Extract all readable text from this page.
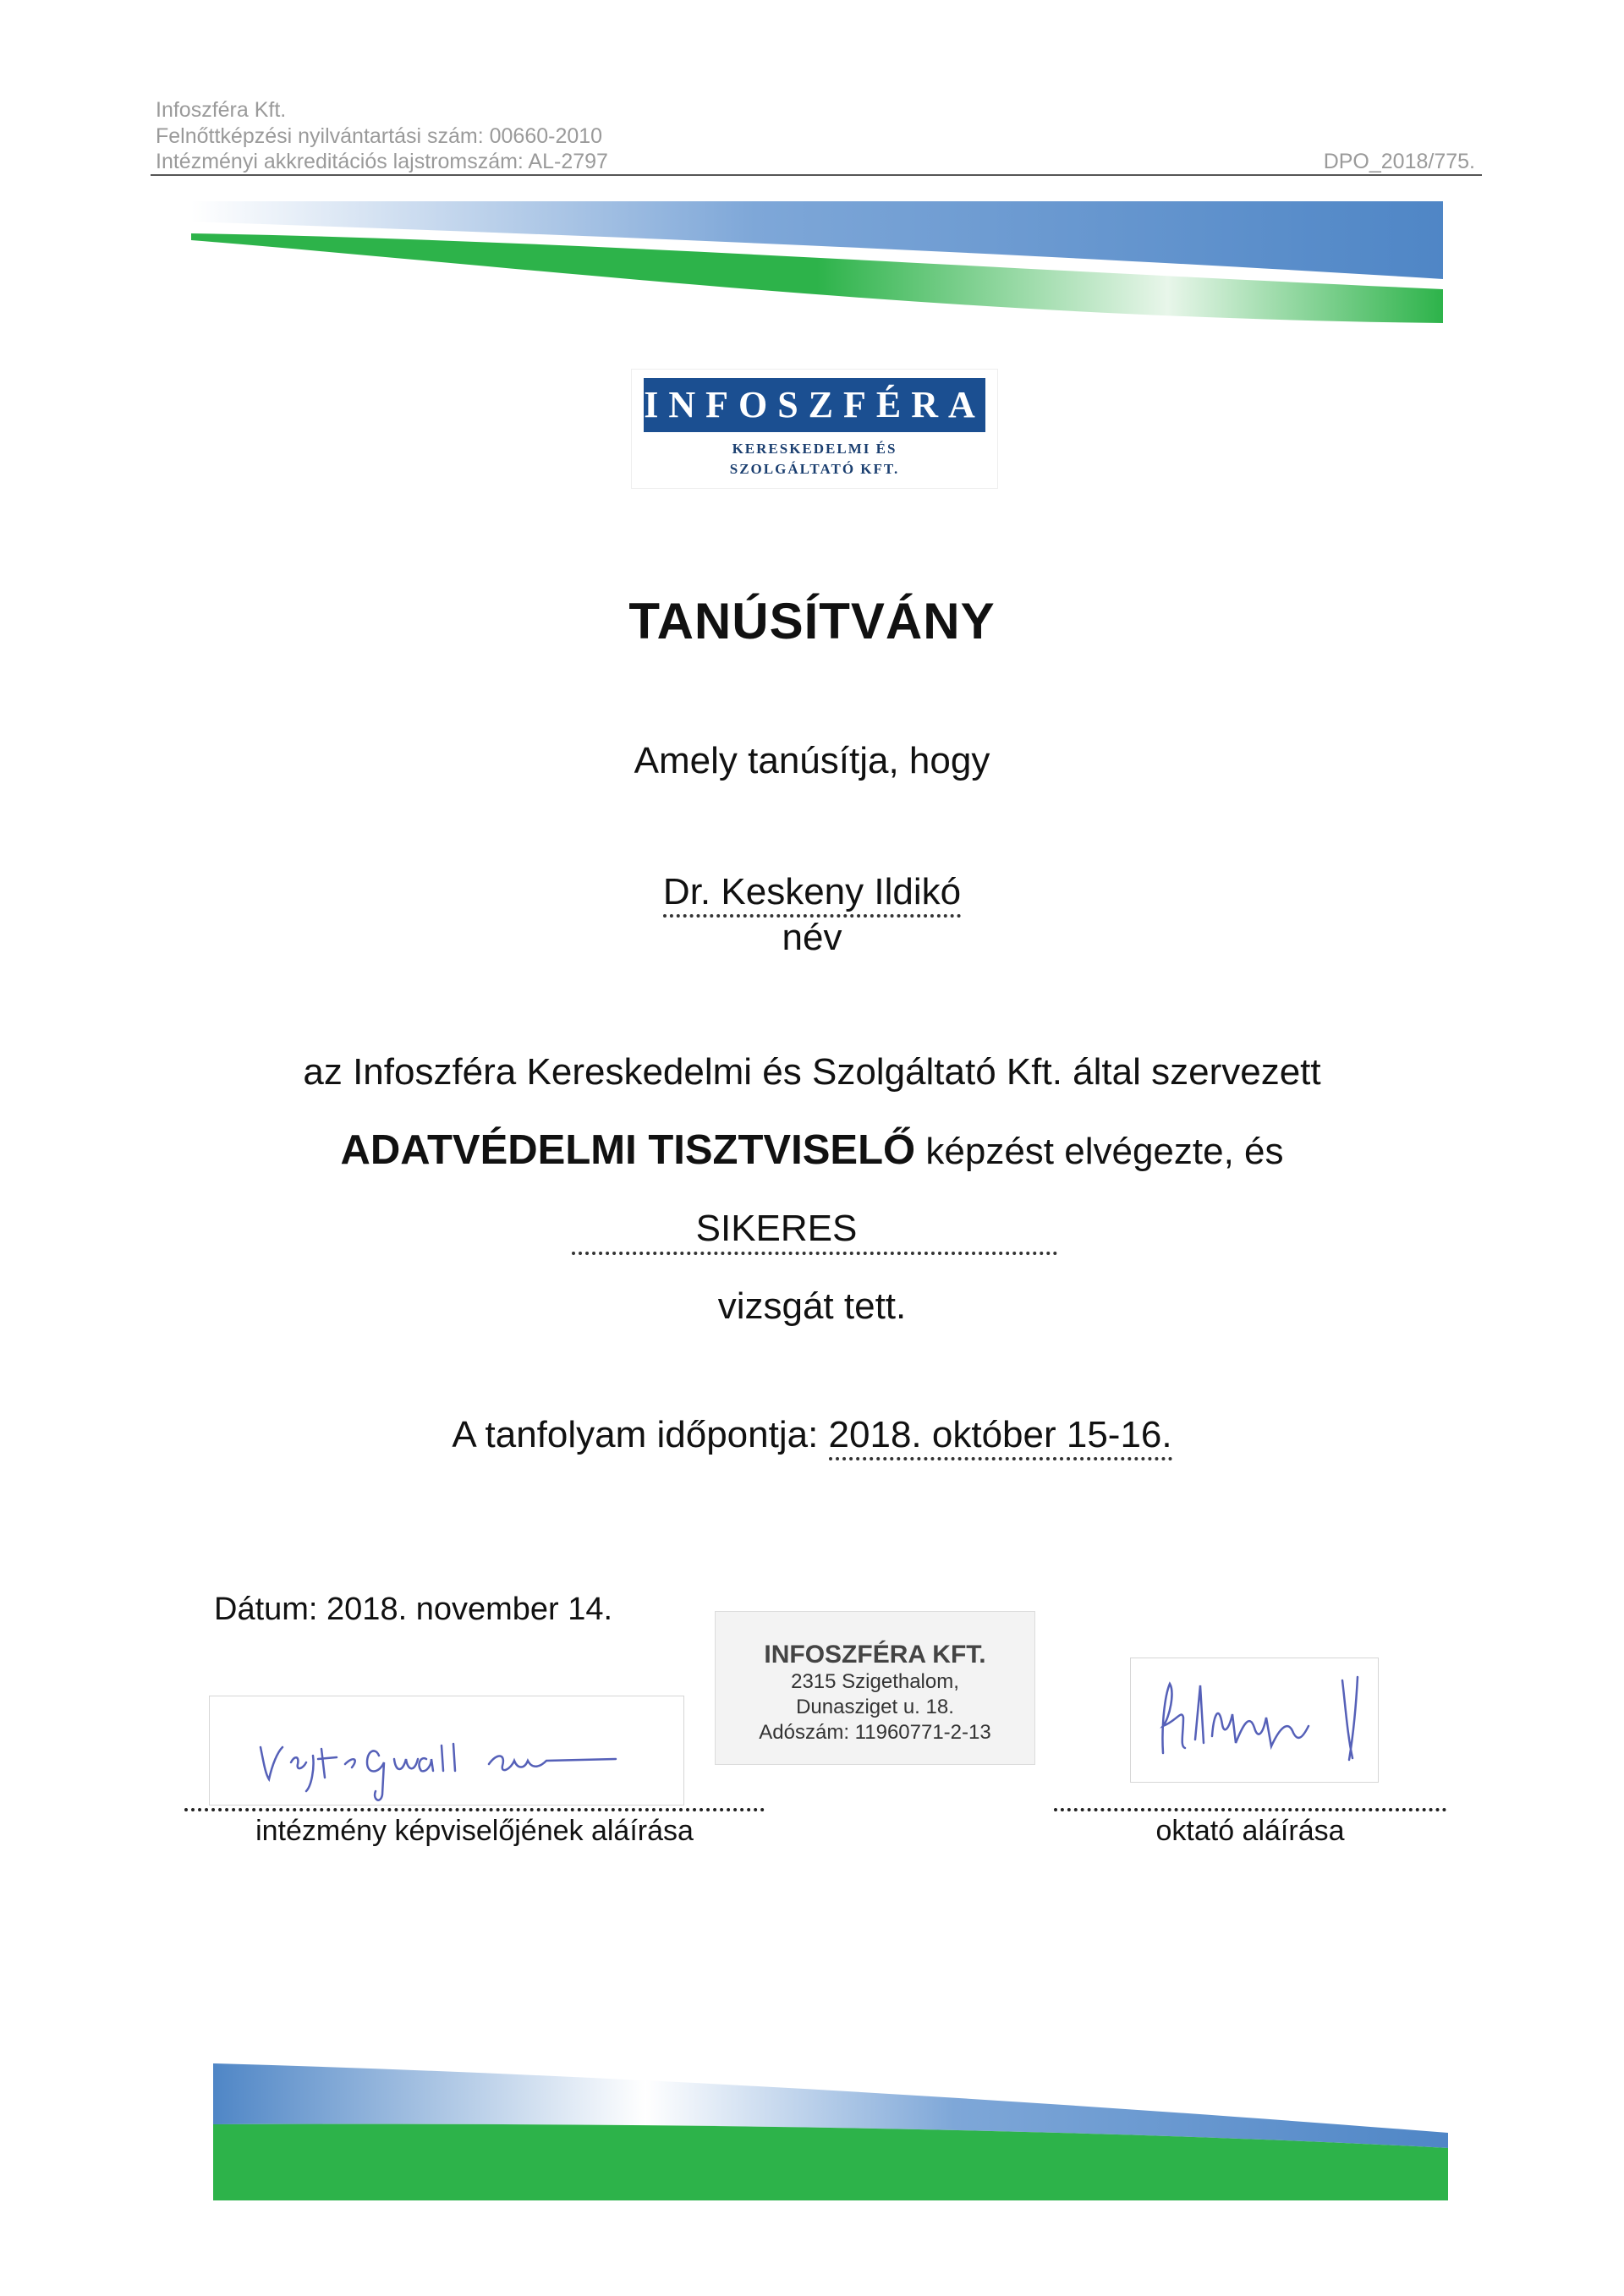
Infoszféra Kft.
Felnőttképzési nyilvántartási szám: 00660-2010
Intézményi akkreditációs lajstromszám: AL-2797	DPO_2018/775.
INFOSZFÉRA
KERESKEDELMI ÉS SZOLGÁLTATÓ KFT.
TANÚSÍTVÁNY
Amely tanúsítja, hogy
Dr. Keskeny Ildikó
név
az Infoszféra Kereskedelmi és Szolgáltató Kft. által szervezett
ADATVÉDELMI TISZTVISELŐ képzést elvégezte, és
SIKERES
vizsgát tett.
A tanfolyam időpontja: 2018. október 15-16.
Dátum: 2018. november 14.
intézmény képviselőjének aláírása
INFOSZFÉRA KFT.
2315 Szigethalom,
Dunasziget u. 18.
Adószám: 11960771-2-13
oktató aláírása
